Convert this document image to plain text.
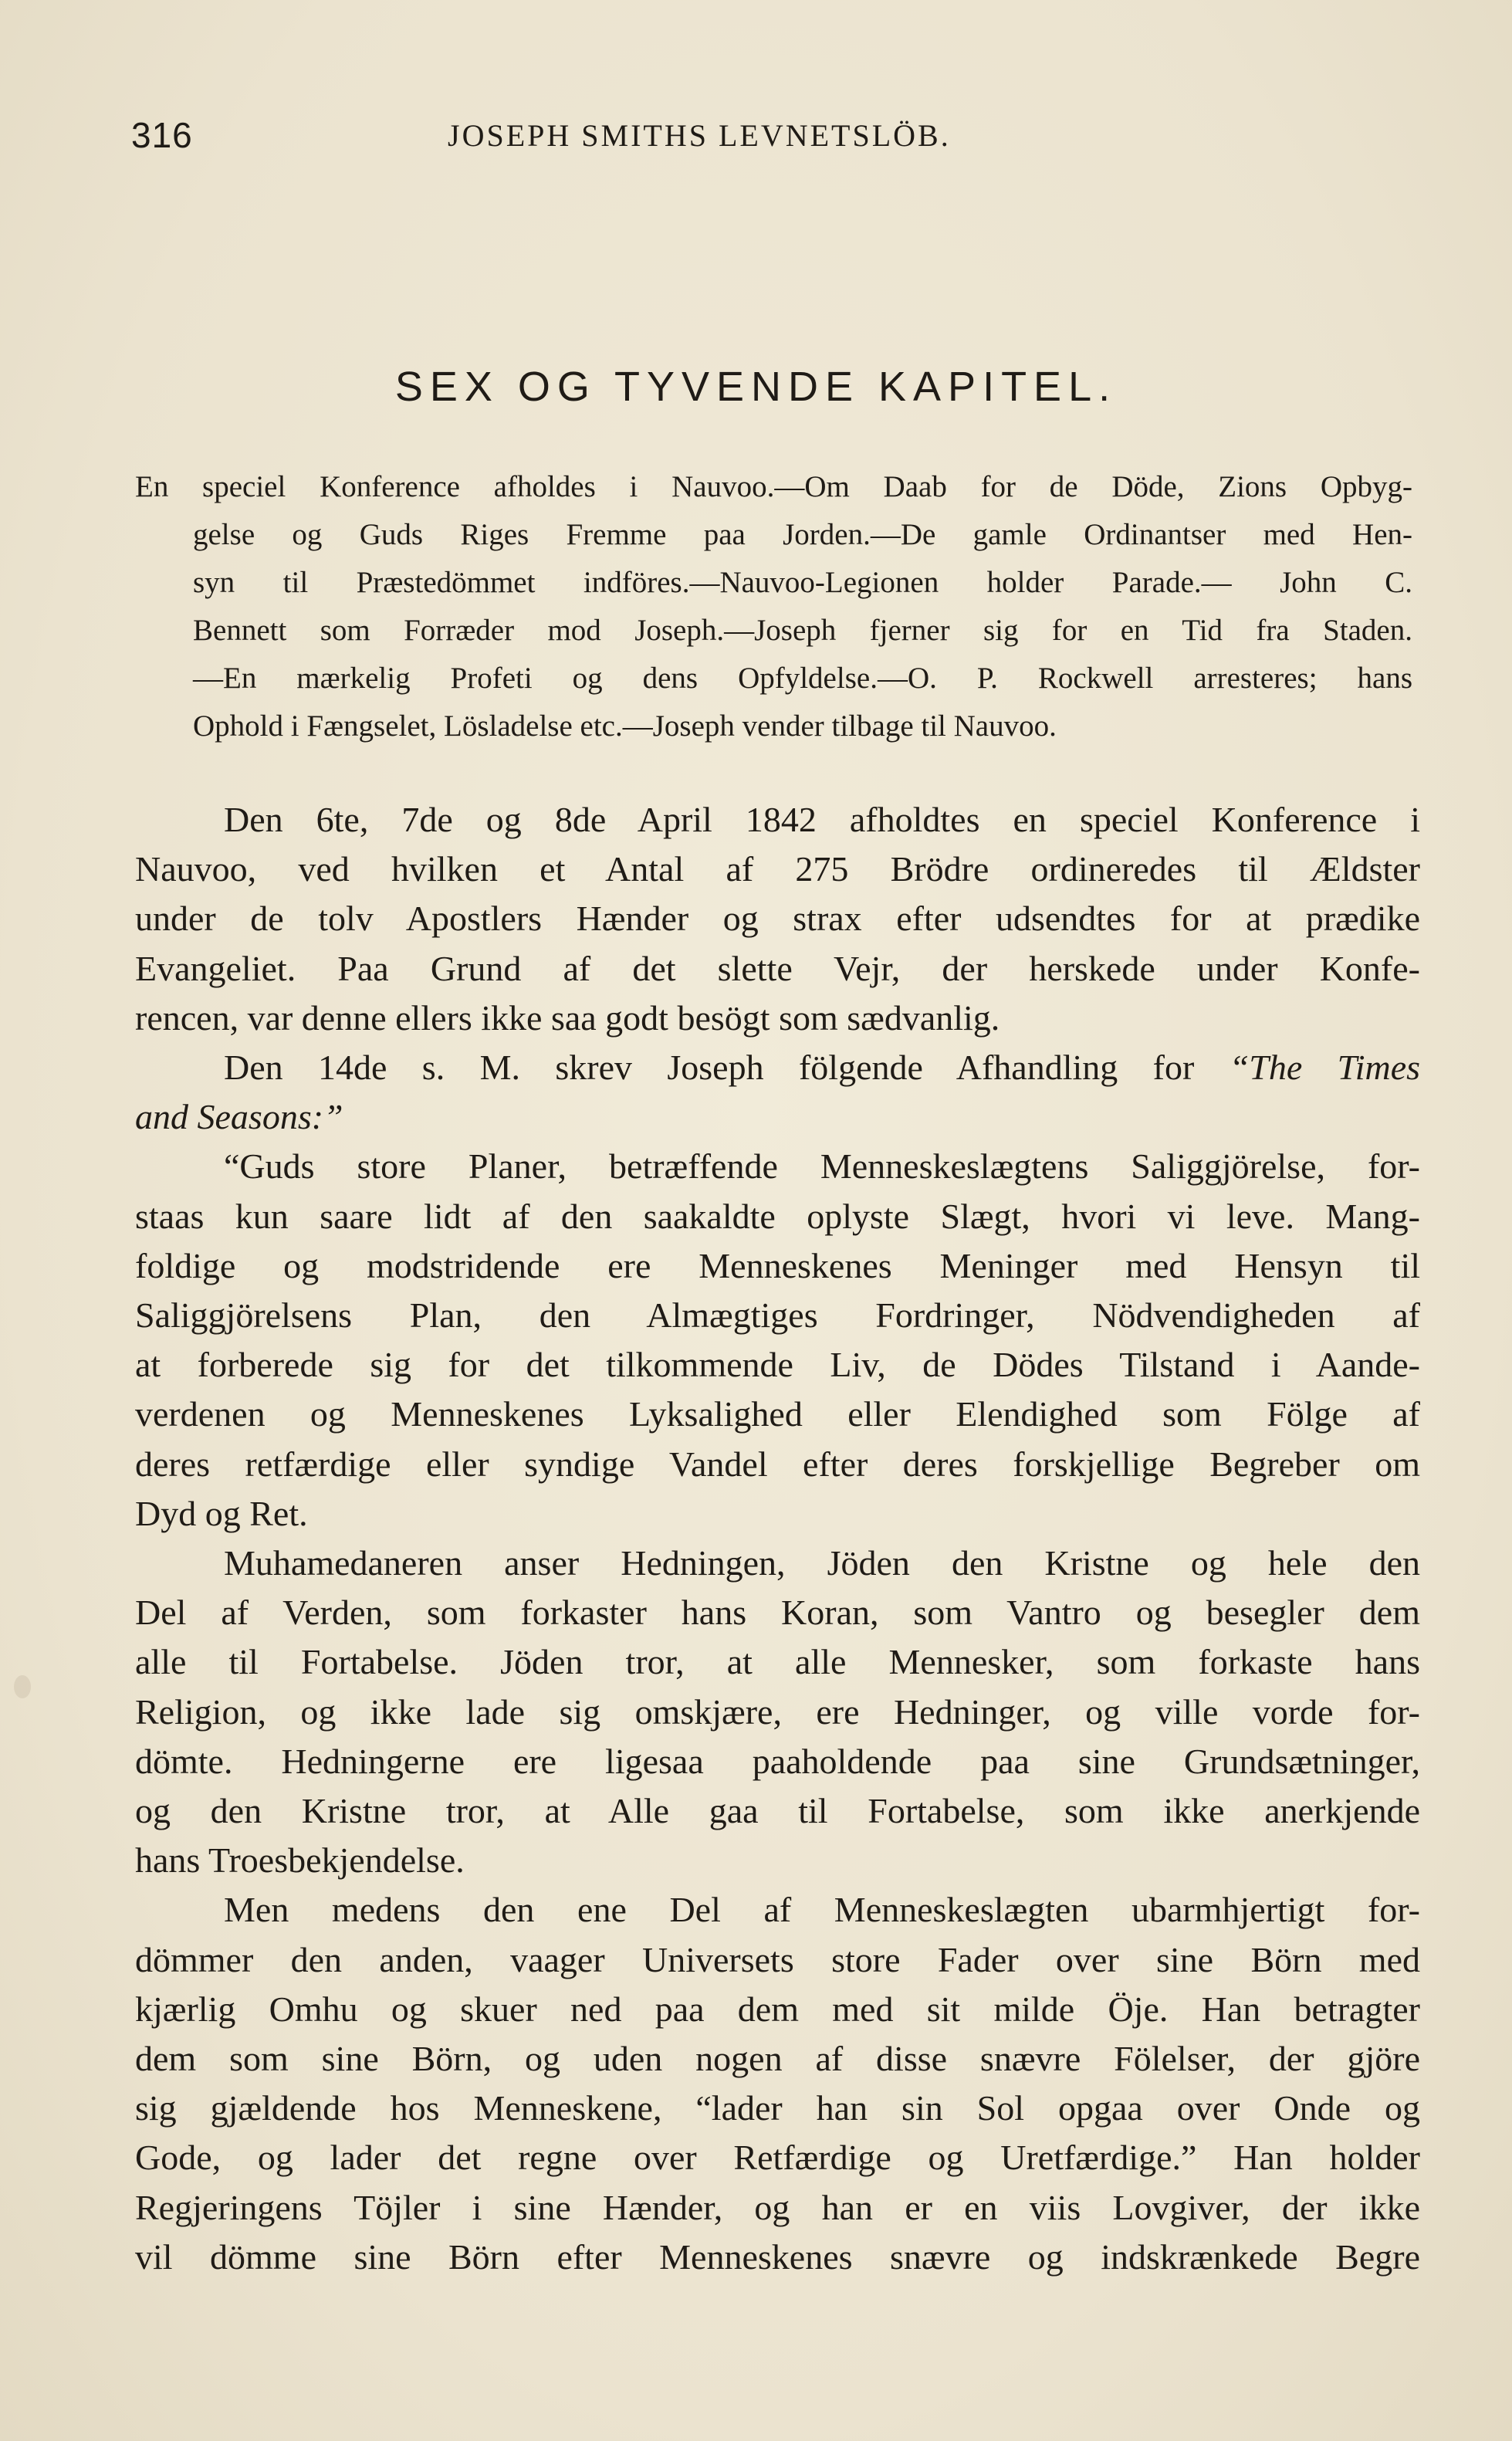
316	JOSEPH SMITHS LEVNETSLÖB.
SEX OG TYVENDE KAPITEL.
En speciel Konference afholdes i Nauvoo.—Om Daab for de Döde, Zions Opbyg-
gelse og Guds Riges Fremme paa Jorden.—De gamle Ordinantser med Hen-
syn til Præstedömmet indföres.—Nauvoo-Legionen holder Parade.— John C.
Bennett som Forræder mod Joseph.—Joseph fjerner sig for en Tid fra Staden.
—En mærkelig Profeti og dens Opfyldelse.—O. P. Rockwell arresteres; hans
Ophold i Fængselet, Lösladelse etc.—Joseph vender tilbage til Nauvoo.
Den 6te, 7de og 8de April 1842 afholdtes en speciel Konference i
Nauvoo, ved hvilken et Antal af 275 Brödre ordineredes til Ældster
under de tolv Apostlers Hænder og strax efter udsendtes for at prædike
Evangeliet. Paa Grund af det slette Vejr, der herskede under Konfe-
rencen, var denne ellers ikke saa godt besögt som sædvanlig.
Den 14de s. M. skrev Joseph fölgende Afhandling for “The Times
and Seasons:”
“Guds store Planer, betræffende Menneskeslægtens Saliggjörelse, for-
staas kun saare lidt af den saakaldte oplyste Slægt, hvori vi leve. Mang-
foldige og modstridende ere Menneskenes Meninger med Hensyn til
Saliggjörelsens Plan, den Almægtiges Fordringer, Nödvendigheden af
at forberede sig for det tilkommende Liv, de Dödes Tilstand i Aande-
verdenen og Menneskenes Lyksalighed eller Elendighed som Fölge af
deres retfærdige eller syndige Vandel efter deres forskjellige Begreber om
Dyd og Ret.
Muhamedaneren anser Hedningen, Jöden den Kristne og hele den
Del af Verden, som forkaster hans Koran, som Vantro og besegler dem
alle til Fortabelse. Jöden tror, at alle Mennesker, som forkaste hans
Religion, og ikke lade sig omskjære, ere Hedninger, og ville vorde for-
dömte. Hedningerne ere ligesaa paaholdende paa sine Grundsætninger,
og den Kristne tror, at Alle gaa til Fortabelse, som ikke anerkjende
hans Troesbekjendelse.
Men medens den ene Del af Menneskeslægten ubarmhjertigt for-
dömmer den anden, vaager Universets store Fader over sine Börn med
kjærlig Omhu og skuer ned paa dem med sit milde Öje. Han betragter
dem som sine Börn, og uden nogen af disse snævre Fölelser, der gjöre
sig gjældende hos Menneskene, “lader han sin Sol opgaa over Onde og
Gode, og lader det regne over Retfærdige og Uretfærdige.” Han holder
Regjeringens Töjler i sine Hænder, og han er en viis Lovgiver, der ikke
vil dömme sine Börn efter Menneskenes snævre og indskrænkede Begre
